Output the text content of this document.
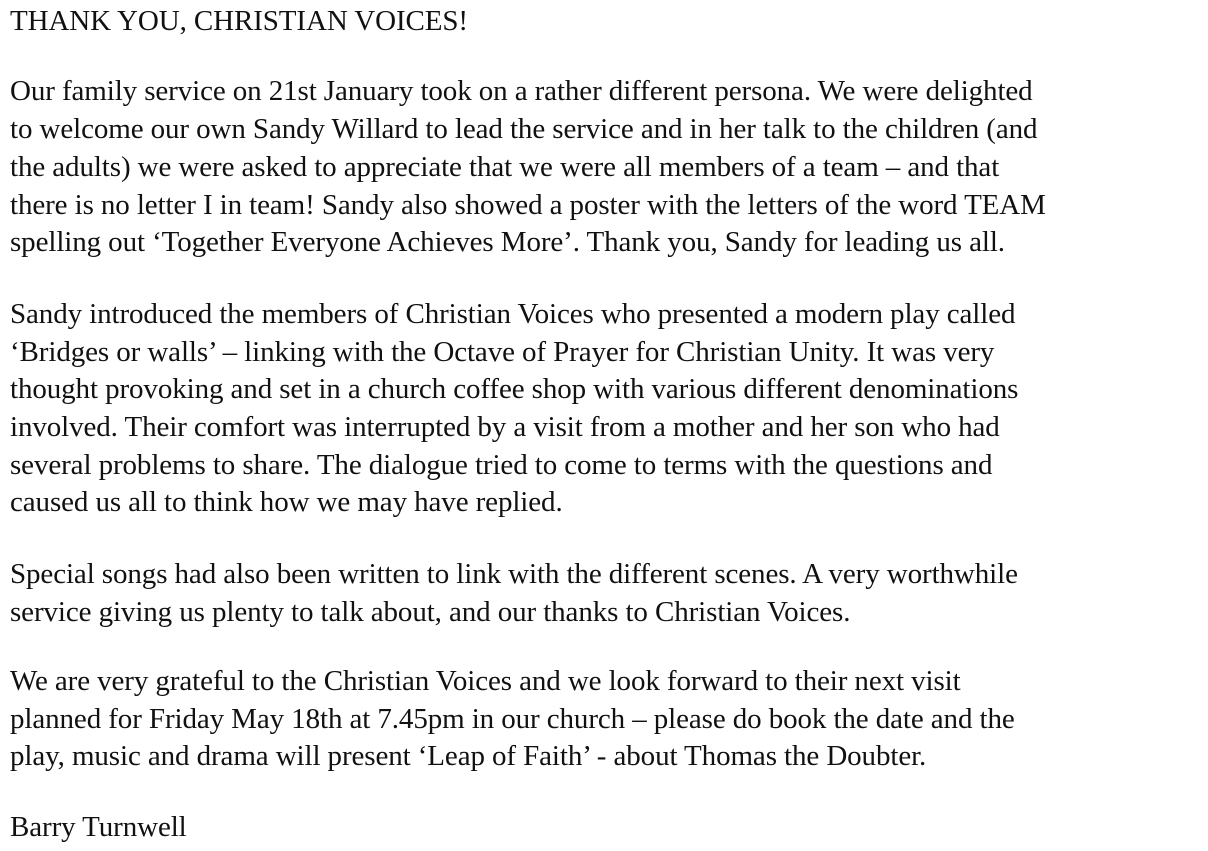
THANK YOU, CHRISTIAN VOICES!
Our family service on 21st January took on a rather different persona. We were delighted
to welcome our own Sandy Willard to lead the service and in her talk to the children (and
the adults) we were asked to appreciate that we were all members of a team – and that
there is no letter I in team! Sandy also showed a poster with the letters of the word TEAM
spelling out ‘Together Everyone Achieves More’. Thank you, Sandy for leading us all.
Sandy introduced the members of Christian Voices who presented a modern play called
‘Bridges or walls’ – linking with the Octave of Prayer for Christian Unity. It was very
thought provoking and set in a church coffee shop with various different denominations
involved. Their comfort was interrupted by a visit from a mother and her son who had
several problems to share. The dialogue tried to come to terms with the questions and
caused us all to think how we may have replied.
Special songs had also been written to link with the different scenes. A very worthwhile
service giving us plenty to talk about, and our thanks to Christian Voices.
We are very grateful to the Christian Voices and we look forward to their next visit
planned for Friday May 18th at 7.45pm in our church – please do book the date and the
play, music and drama will present ‘Leap of Faith’ - about Thomas the Doubter.
Barry Turnwell
